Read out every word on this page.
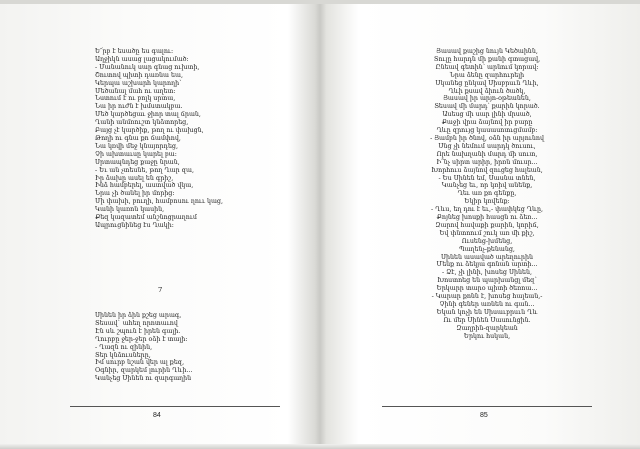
Ե՜րբ է եսածը ես գալու:
Աղջիկն ասաց լացակումած:
- Մանանուկ սար գնաց ուխտի,
Շուտով պիտի դառնա եա,
Կերպա աշխարհ կարողի՝
Մեծանալ մահ ու աղետ:
Նստում է ու բոլկ սրտա,
Նա իր ուժն է խմստակբա.
Մեծ կարծեցաւ ջիոր տալ ճրան,
Ղանի անմռուշտ կնձտորեց,
Բայց չէ կարծիք, թող ու փախցն,
Թողի ու գնա քո ճամփով,
Նա կռվի մեջ կնայորդեց,
Չի ախտաւսը կարել բա:
Սրտապնդեց քաջը նրան,
- Եւ ան չտեսնե, թող Ղար զա,
Իր ձախը ասել են գրիշ,
Ինձ համբերել, աստված վկա,
Նրա չի ծանել իր մորից:
Մի փախի, բուղի, համբոսու ղոււ կաց,
Կանի կառոն կասին,
Քեզ կազատեմ անշնոցրաղում
Ապրուցնինեց էս Ղակի:
7
Սինեն իր ձին քշեց արագ,
Տեսավ` ահեղ որոտաւով
Էն սև շպուն է իրեն գալի.
Ղուրբը ջեր-ջեր օձի է տալի:
- Ղազն ու զինին,
Տեր կնձուսները,
Իմ սուրբ նշան վեր ալ քեզ,
Օգնիր, զարկեմ լուրին Ղևի...
Կանչեց Սինեն ու զարգաղին
84
Յասավ քաշից նույն Կեծաինն,
Տուլը հարդն մի քանի գտացավ,
Ընեավ գետին՝ արնում կորավ:
Նրա ձենը զարհուրելի
Սկանեց ընկավ Սիսբրսւն Ղևի,
Ղևի քսավ ձիուն ծածկ,
Յասավ իր արյո-օթեանեն,
Տեսավ մի մարդ՝ քարին կորած.
Ասեսց մի սար լինի մրսած,
Քաջի վրա ձայնով իր բարը
Ղևը զրույց կասասոտւցմամբ:
- Յամբն իր ծնով, օձն իր արյունով
Սնց չի նեմում սարդկ ծուսու,
Որե նախղանի մարդ մի սուտ,
Ի՞նչ սիրտ արիր, իրռն մուսր...
Խորհուս ձայնով զուցեց հալեան,
- Ես Սինեն եմ, Սասնա տնեն,
Կանչեց եւ, որ կռիվ անենք,
Ղեւ առ քո գենքը,
Եկիր կռվենք:
- Ղևս, եղ դու է եւ,- փափկեց Ղևը,
Քոյնեց խոսքի հասցն ու ձեռ...
Զարով հավաքի քարին, կորիճ,
Եվ փնտոում շուկ առ մի քիշ,
Ուսենց-խմենց,
Պաղենչ-քենանց,
Սինեն ասաված արեղուրին
Մենք ու ձեկյա գոնան արտի...
- Ձէ, չի լինի, խոսեց Սինեն,
Խոստոեց են պարխանցլ մեզ՝
Երկարր տարօ պիտի ծեռոա...
- Կարար քոնն է, խոսեց հալեան,-
Չինի գեներ առնեն ու գան...
Եկան կոչի են Սիսաւբրսւն Ղև
Ու մեր Սինեն Սասունցին.
Զաղրին-զարկեան
Երկու հսկան,
85
